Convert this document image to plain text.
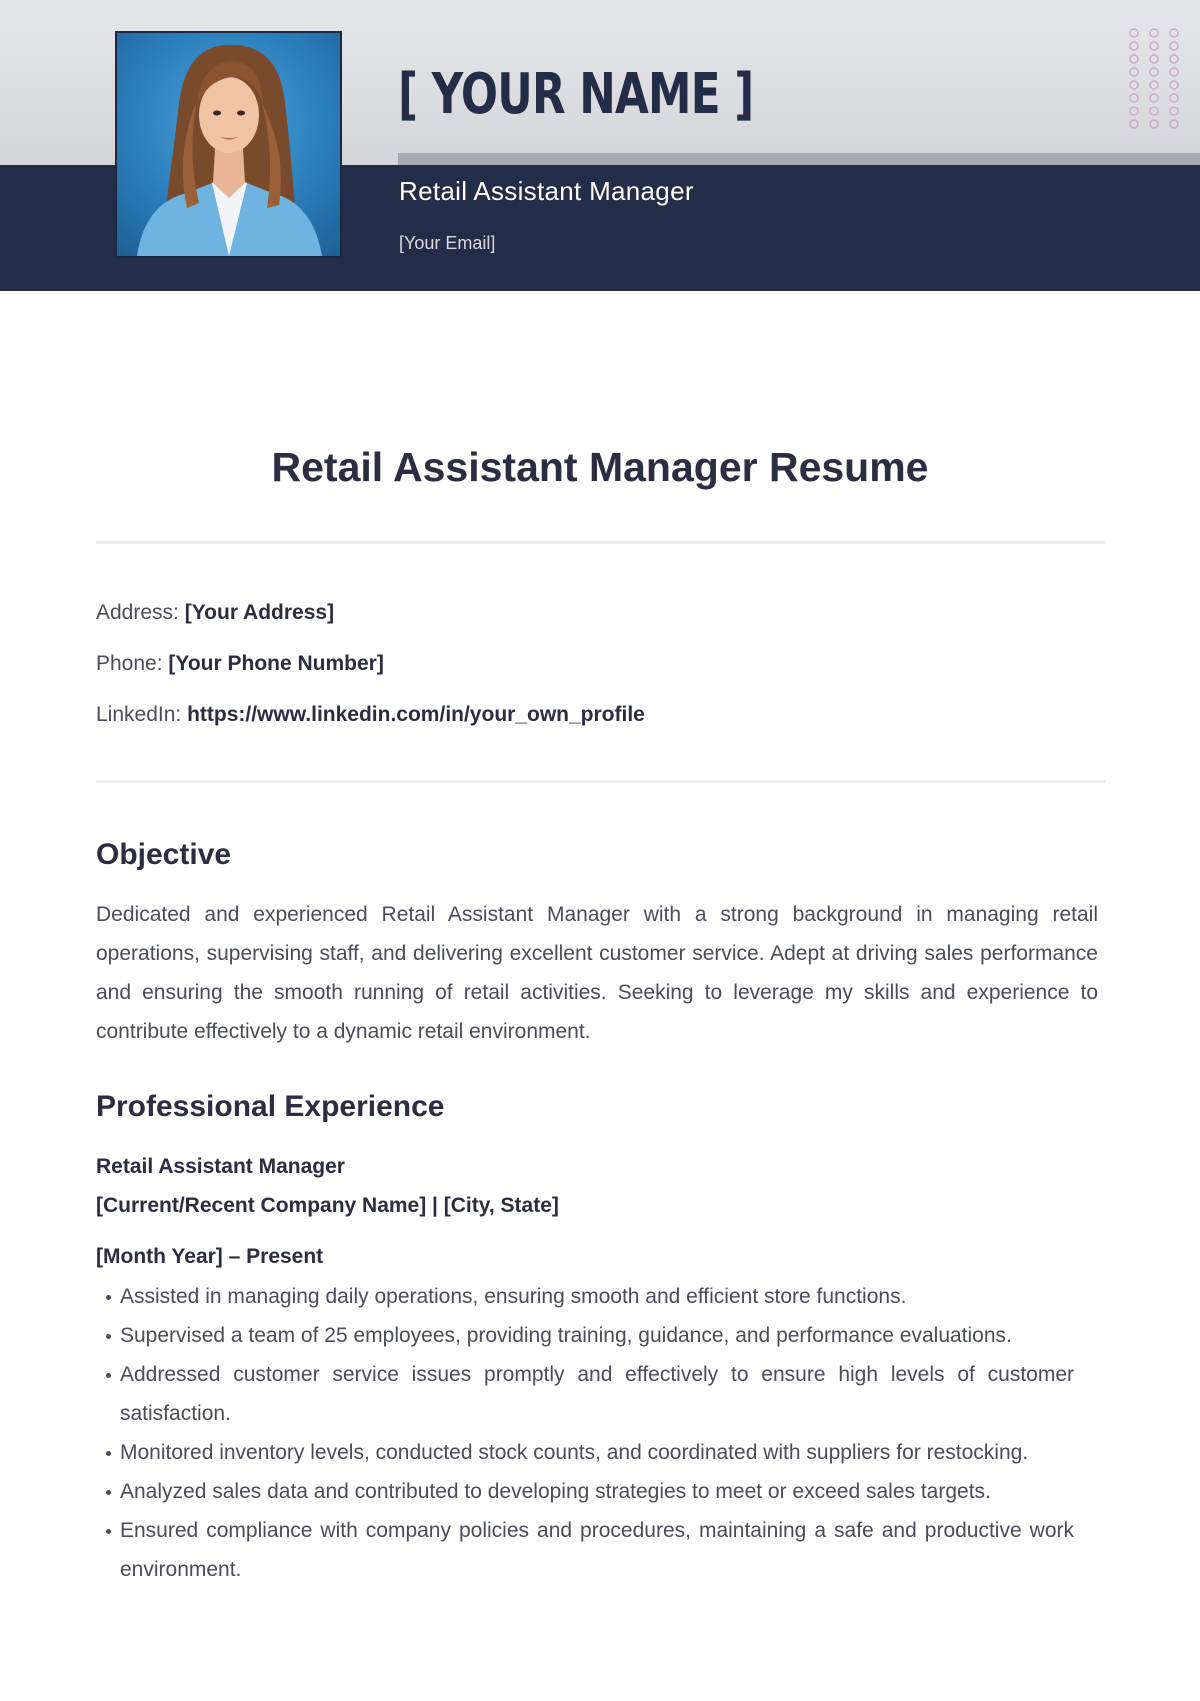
[ YOUR NAME ]
Retail Assistant Manager
[Your Email]
Retail Assistant Manager Resume
Address: [Your Address]
Phone: [Your Phone Number]
LinkedIn: https://www.linkedin.com/in/your_own_profile
Objective

Dedicated and experienced Retail Assistant Manager with a strong background in managing retail operations, supervising staff, and delivering excellent customer service. Adept at driving sales performance and ensuring the smooth running of retail activities. Seeking to leverage my skills and experience to contribute effectively to a dynamic retail environment.

Professional Experience
Retail Assistant Manager
[Current/Recent Company Name] | [City, State]
[Month Year] – Present
Assisted in managing daily operations, ensuring smooth and efficient store functions.
Supervised a team of 25 employees, providing training, guidance, and performance evaluations.
Addressed customer service issues promptly and effectively to ensure high levels of customer satisfaction.
Monitored inventory levels, conducted stock counts, and coordinated with suppliers for restocking.
Analyzed sales data and contributed to developing strategies to meet or exceed sales targets.
Ensured compliance with company policies and procedures, maintaining a safe and productive work environment.
